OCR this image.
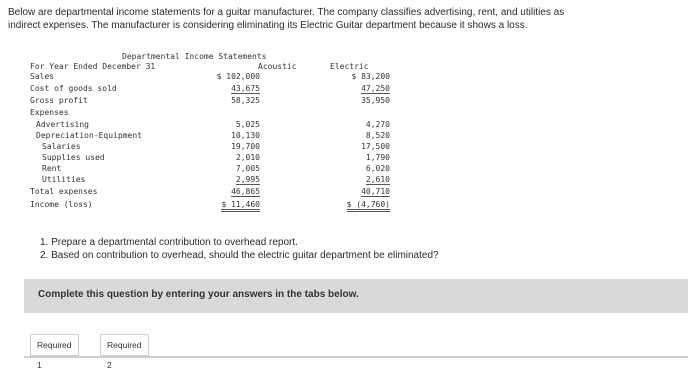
Below are departmental income statements for a guitar manufacturer. The company classifies advertising, rent, and utilities as
indirect expenses. The manufacturer is considering eliminating its Electric Guitar department because it shows a loss.
Departmental Income Statements
For Year Ended December 31	Acoustic	Electric
Sales	$ 102,000	$ 83,200
Cost of goods sold	43,675	47,250
Gross profit	58,325	35,950
Expenses
Advertising	5,025	4,270
Depreciation-Equipment	10,130	8,520
Salaries	19,700	17,500
Supplies used	2,010	1,790
Rent	7,005	6,020
Utilities	2,995	2,610
Total expenses	46,865	40,710
Income (loss)	$ 11,460	$ (4,760)
1. Prepare a departmental contribution to overhead report.
2. Based on contribution to overhead, should the electric guitar department be eliminated?
Complete this question by entering your answers in the tabs below.
Required 1
Required 2
